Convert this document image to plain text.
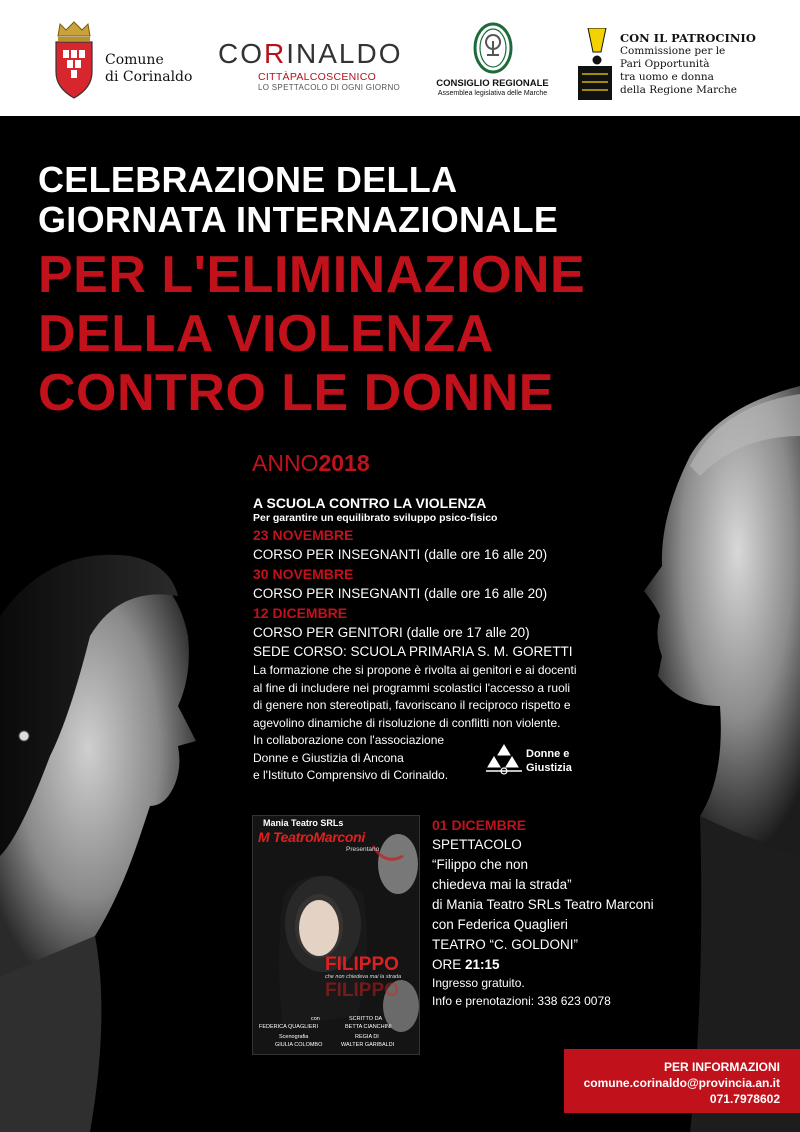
Comune
di Corinaldo
CORINALDO
CITTÀPALCOSCENICO
LO SPETTACOLO DI OGNI GIORNO	CONSIGLIO REGIONALE
Assemblea legislativa delle Marche
CON IL PATROCINIO
Commissione per le
Pari Opportunità
tra uomo e donna
della Regione Marche
CELEBRAZIONE DELLA
GIORNATA INTERNAZIONALE
PER L'ELIMINAZIONE
DELLA VIOLENZA
CONTRO LE DONNE
ANNO2018
A SCUOLA CONTRO LA VIOLENZA
Per garantire un equilibrato sviluppo psico-fisico
23 NOVEMBRE
CORSO PER INSEGNANTI (dalle ore 16 alle 20)
30 NOVEMBRE
CORSO PER INSEGNANTI (dalle ore 16 alle 20)
12 DICEMBRE
CORSO PER GENITORI (dalle ore 17 alle 20)
SEDE CORSO: SCUOLA PRIMARIA S. M. GORETTI
La formazione che si propone è rivolta ai genitori e ai docenti
al fine di includere nei programmi scolastici l'accesso a ruoli
di genere non stereotipati, favoriscano il reciproco rispetto e
agevolino dinamiche di risoluzione di conflitti non violente.
In collaborazione con l'associazione
Donne e Giustizia di Ancona
e l'Istituto Comprensivo di Corinaldo.
Donne e
Giustizia
Mania Teatro SRLs
M TeatroMarconi
Presentano
FILIPPO
che non chiedeva mai la strada
FILIPPO
con
FEDERICA QUAGLIERI
SCRITTO DA
BETTA CIANCHINI
Scenografia
GIULIA COLOMBO
REGIA DI
WALTER GARIBALDI
01 DICEMBRE
SPETTACOLO
“Filippo che non
chiedeva mai la strada”
di Mania Teatro SRLs Teatro Marconi
con Federica Quaglieri
TEATRO “C. GOLDONI”
ORE 21:15
Ingresso gratuito.
Info e prenotazioni: 338 623 0078
PER INFORMAZIONI
comune.corinaldo@provincia.an.it
071.7978602
